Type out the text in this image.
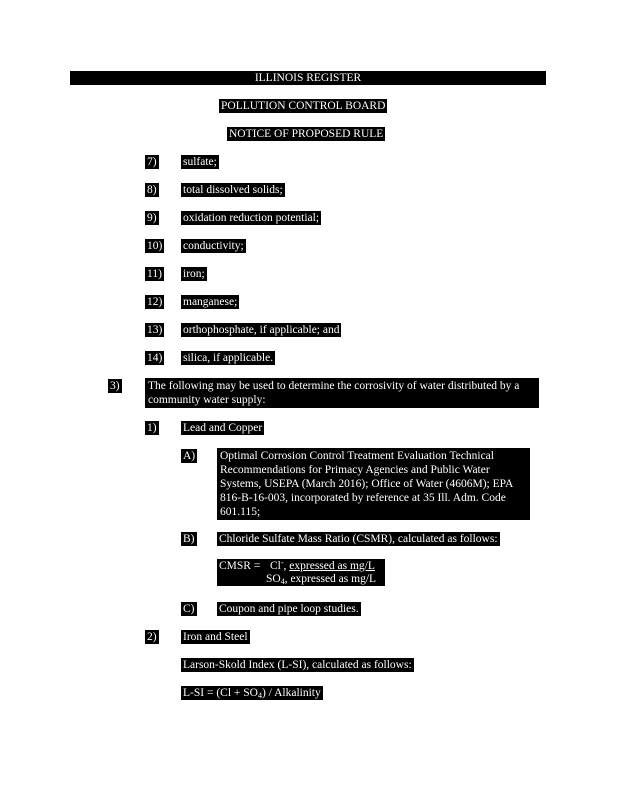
ILLINOIS REGISTER
POLLUTION CONTROL BOARD
NOTICE OF PROPOSED RULE
7) sulfate;
8) total dissolved solids;
9) oxidation reduction potential;
10) conductivity;
11) iron;
12) manganese;
13) orthophosphate, if applicable; and
14) silica, if applicable.
3) The following may be used to determine the corrosivity of water distributed by a community water supply:
1) Lead and Copper
A) Optimal Corrosion Control Treatment Evaluation Technical Recommendations for Primacy Agencies and Public Water Systems, USEPA (March 2016); Office of Water (4606M); EPA 816-B-16-003, incorporated by reference at 35 Ill. Adm. Code 601.115;
B) Chloride Sulfate Mass Ratio (CSMR), calculated as follows:
CMSR = Cl-, expressed as mg/L
$SO_4$, expressed as mg/L
C) Coupon and pipe loop studies.
2) Iron and Steel
Larson-Skold Index (L-SI), calculated as follows:
$L-SI = (Cl + SO_4)$ / Alkalinity
